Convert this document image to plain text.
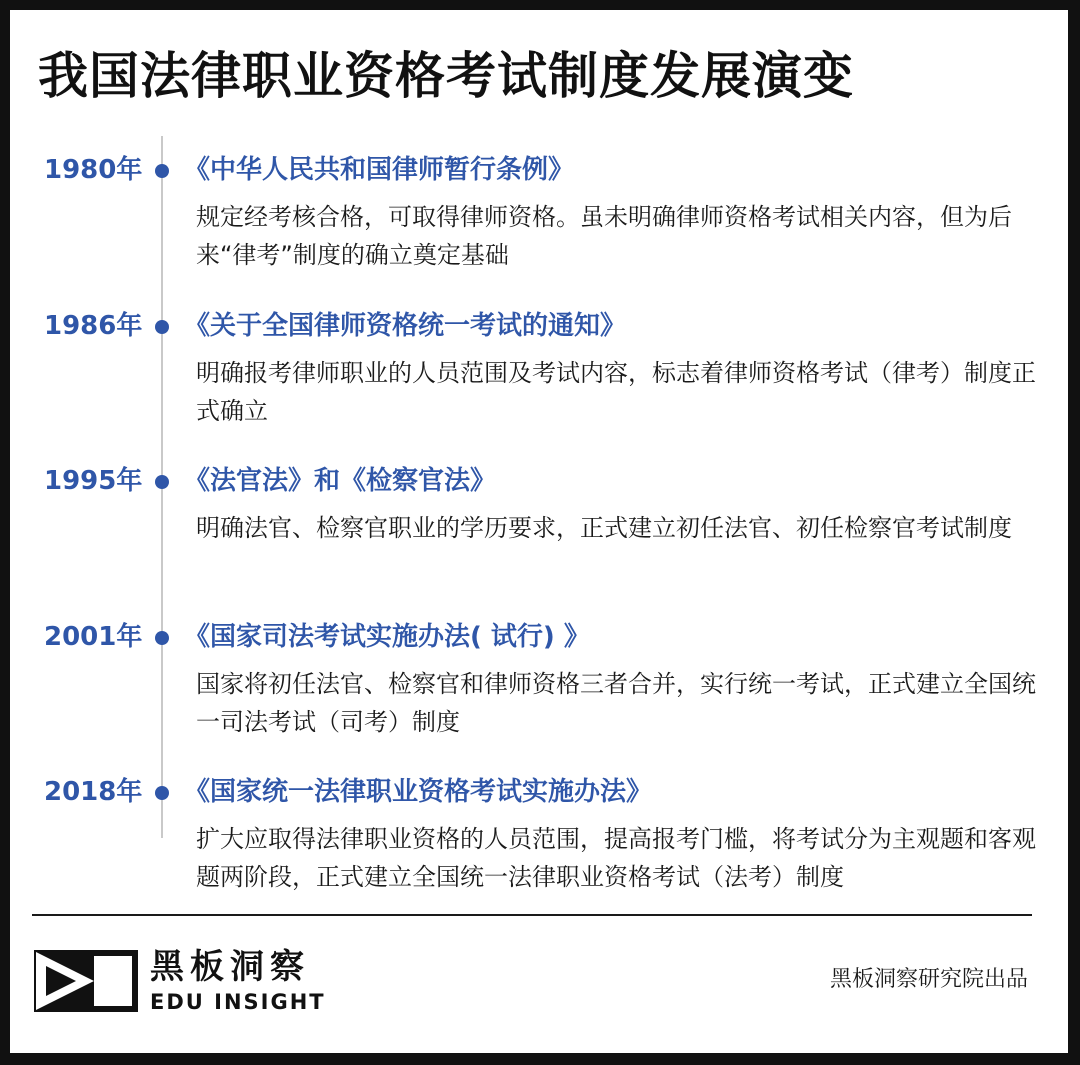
我国法律职业资格考试制度发展演变
1980年 《中华人民共和国律师暂行条例》
规定经考核合格，可取得律师资格。虽未明确律师资格考试相关内容，但为后来“律考”制度的确立奠定基础
1986年 《关于全国律师资格统一考试的通知》
明确报考律师职业的人员范围及考试内容，标志着律师资格考试（律考）制度正式确立
1995年 《法官法》和《检察官法》
明确法官、检察官职业的学历要求，正式建立初任法官、初任检察官考试制度
2001年 《国家司法考试实施办法( 试行) 》
国家将初任法官、检察官和律师资格三者合并，实行统一考试，正式建立全国统一司法考试（司考）制度
2018年 《国家统一法律职业资格考试实施办法》
扩大应取得法律职业资格的人员范围，提高报考门槛，将考试分为主观题和客观题两阶段，正式建立全国统一法律职业资格考试（法考）制度
黑板洞察
EDU INSIGHT
黑板洞察研究院出品
